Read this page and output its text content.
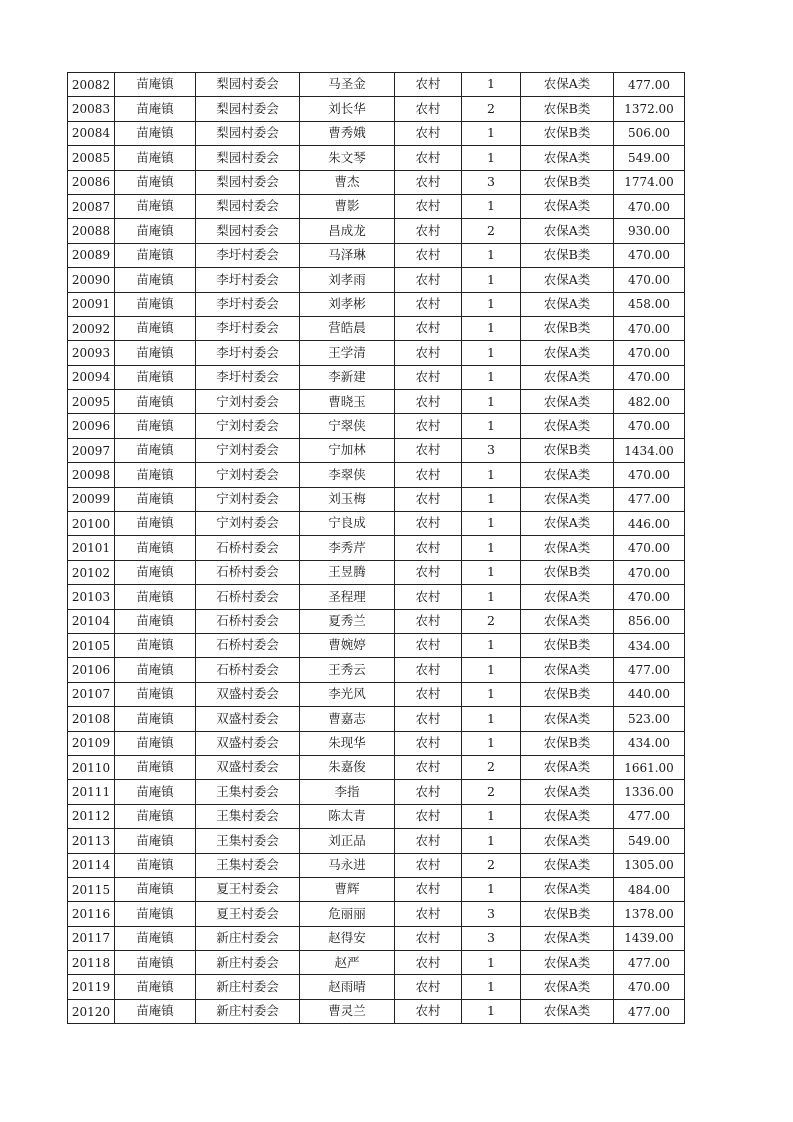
20082	苗庵镇	梨园村委会	马圣金	农村	1	农保A类	477.00
20083	苗庵镇	梨园村委会	刘长华	农村	2	农保B类	1372.00
20084	苗庵镇	梨园村委会	曹秀娥	农村	1	农保B类	506.00
20085	苗庵镇	梨园村委会	朱文琴	农村	1	农保A类	549.00
20086	苗庵镇	梨园村委会	曹杰	农村	3	农保B类	1774.00
20087	苗庵镇	梨园村委会	曹影	农村	1	农保A类	470.00
20088	苗庵镇	梨园村委会	昌成龙	农村	2	农保A类	930.00
20089	苗庵镇	李圩村委会	马泽琳	农村	1	农保B类	470.00
20090	苗庵镇	李圩村委会	刘孝雨	农村	1	农保A类	470.00
20091	苗庵镇	李圩村委会	刘孝彬	农村	1	农保A类	458.00
20092	苗庵镇	李圩村委会	营皓晨	农村	1	农保B类	470.00
20093	苗庵镇	李圩村委会	王学清	农村	1	农保A类	470.00
20094	苗庵镇	李圩村委会	李新建	农村	1	农保A类	470.00
20095	苗庵镇	宁刘村委会	曹晓玉	农村	1	农保A类	482.00
20096	苗庵镇	宁刘村委会	宁翠侠	农村	1	农保A类	470.00
20097	苗庵镇	宁刘村委会	宁加林	农村	3	农保B类	1434.00
20098	苗庵镇	宁刘村委会	李翠侠	农村	1	农保A类	470.00
20099	苗庵镇	宁刘村委会	刘玉梅	农村	1	农保A类	477.00
20100	苗庵镇	宁刘村委会	宁良成	农村	1	农保A类	446.00
20101	苗庵镇	石桥村委会	李秀芹	农村	1	农保A类	470.00
20102	苗庵镇	石桥村委会	王昱腾	农村	1	农保B类	470.00
20103	苗庵镇	石桥村委会	圣程理	农村	1	农保A类	470.00
20104	苗庵镇	石桥村委会	夏秀兰	农村	2	农保A类	856.00
20105	苗庵镇	石桥村委会	曹婉婷	农村	1	农保B类	434.00
20106	苗庵镇	石桥村委会	王秀云	农村	1	农保A类	477.00
20107	苗庵镇	双盛村委会	李光风	农村	1	农保B类	440.00
20108	苗庵镇	双盛村委会	曹嘉志	农村	1	农保A类	523.00
20109	苗庵镇	双盛村委会	朱现华	农村	1	农保B类	434.00
20110	苗庵镇	双盛村委会	朱嘉俊	农村	2	农保A类	1661.00
20111	苗庵镇	王集村委会	李指	农村	2	农保A类	1336.00
20112	苗庵镇	王集村委会	陈太青	农村	1	农保A类	477.00
20113	苗庵镇	王集村委会	刘正品	农村	1	农保A类	549.00
20114	苗庵镇	王集村委会	马永进	农村	2	农保A类	1305.00
20115	苗庵镇	夏王村委会	曹辉	农村	1	农保A类	484.00
20116	苗庵镇	夏王村委会	危丽丽	农村	3	农保B类	1378.00
20117	苗庵镇	新庄村委会	赵得安	农村	3	农保A类	1439.00
20118	苗庵镇	新庄村委会	赵严	农村	1	农保A类	477.00
20119	苗庵镇	新庄村委会	赵雨晴	农村	1	农保A类	470.00
20120	苗庵镇	新庄村委会	曹灵兰	农村	1	农保A类	477.00
